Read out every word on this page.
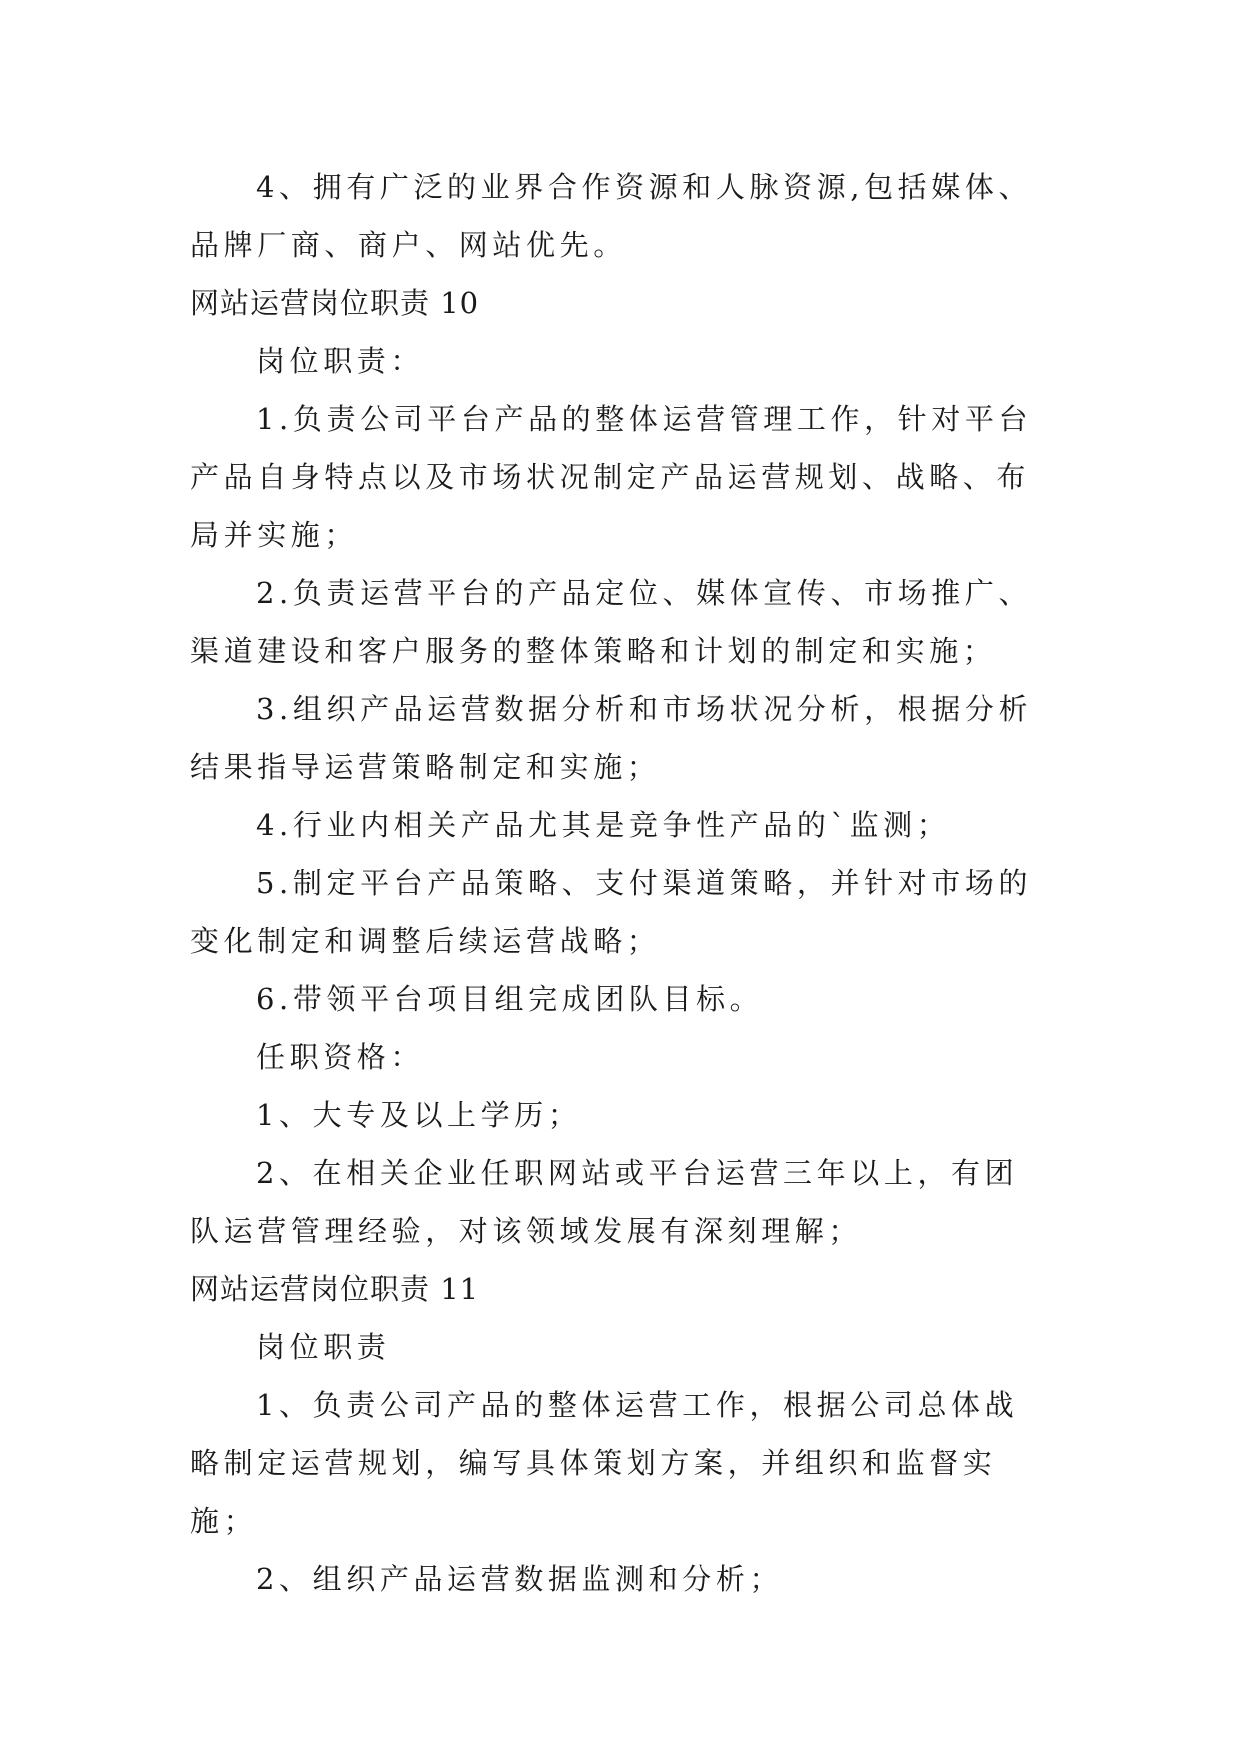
4、拥有广泛的业界合作资源和人脉资源,包括媒体、品牌厂商、商户、网站优先。

网站运营岗位职责 10

岗位职责：

1.负责公司平台产品的整体运营管理工作，针对平台产品自身特点以及市场状况制定产品运营规划、战略、布局并实施；

2.负责运营平台的产品定位、媒体宣传、市场推广、渠道建设和客户服务的整体策略和计划的制定和实施；

3.组织产品运营数据分析和市场状况分析，根据分析结果指导运营策略制定和实施；

4.行业内相关产品尤其是竞争性产品的`监测；

5.制定平台产品策略、支付渠道策略，并针对市场的变化制定和调整后续运营战略；

6.带领平台项目组完成团队目标。

任职资格：

1、大专及以上学历；

2、在相关企业任职网站或平台运营三年以上，有团队运营管理经验，对该领域发展有深刻理解；

网站运营岗位职责 11

岗位职责

1、负责公司产品的整体运营工作，根据公司总体战略制定运营规划，编写具体策划方案，并组织和监督实施；

2、组织产品运营数据监测和分析；
